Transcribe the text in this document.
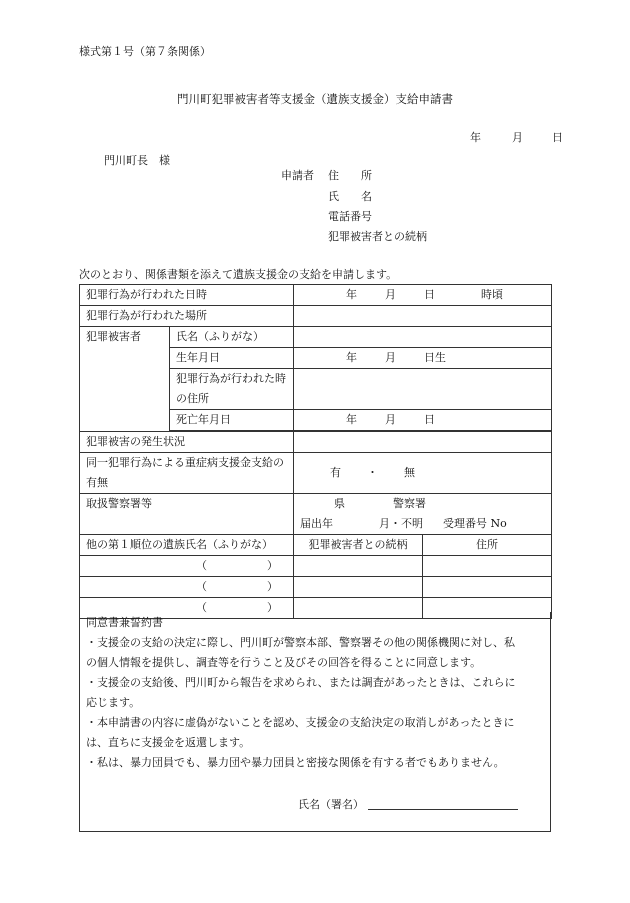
様式第１号（第７条関係）
門川町犯罪被害者等支援金（遺族支援金）支給申請書
年	月	日
門川町長　様
申請者 住　　所
氏　　名
電話番号
犯罪被害者との続柄
次のとおり、関係書類を添えて遺族支援金の支給を申請します。
犯罪行為が行われた日時		年 月 日 時頃	
犯罪行為が行われた場所			
犯罪被害者	氏名（ふりがな）		
	生年月日	年 月 日生	
	犯罪行為が行われた時の住所		
	死亡年月日	年 月 日	

犯罪被害の発生状況			
同一犯罪行為による重症病支援金支給の有無		有 ・ 無	
取扱警察署等		県 警察署
届出年 月・不明 受理番号 No	

他の第１順位の遺族氏名（ふりがな）		犯罪被害者との続柄	住所
（ ）			
（ ）			
（ ）			
同意書兼誓約書
・支援金の支給の決定に際し、門川町が警察本部、警察署その他の関係機関に対し、私
の個人情報を提供し、調査等を行うこと及びその回答を得ることに同意します。
・支援金の支給後、門川町から報告を求められ、または調査があったときは、これらに
応じます。
・本申請書の内容に虚偽がないことを認め、支援金の支給決定の取消しがあったときに
は、直ちに支援金を返還します。
・私は、暴力団員でも、暴力団や暴力団員と密接な関係を有する者でもありません。
氏名（署名）
